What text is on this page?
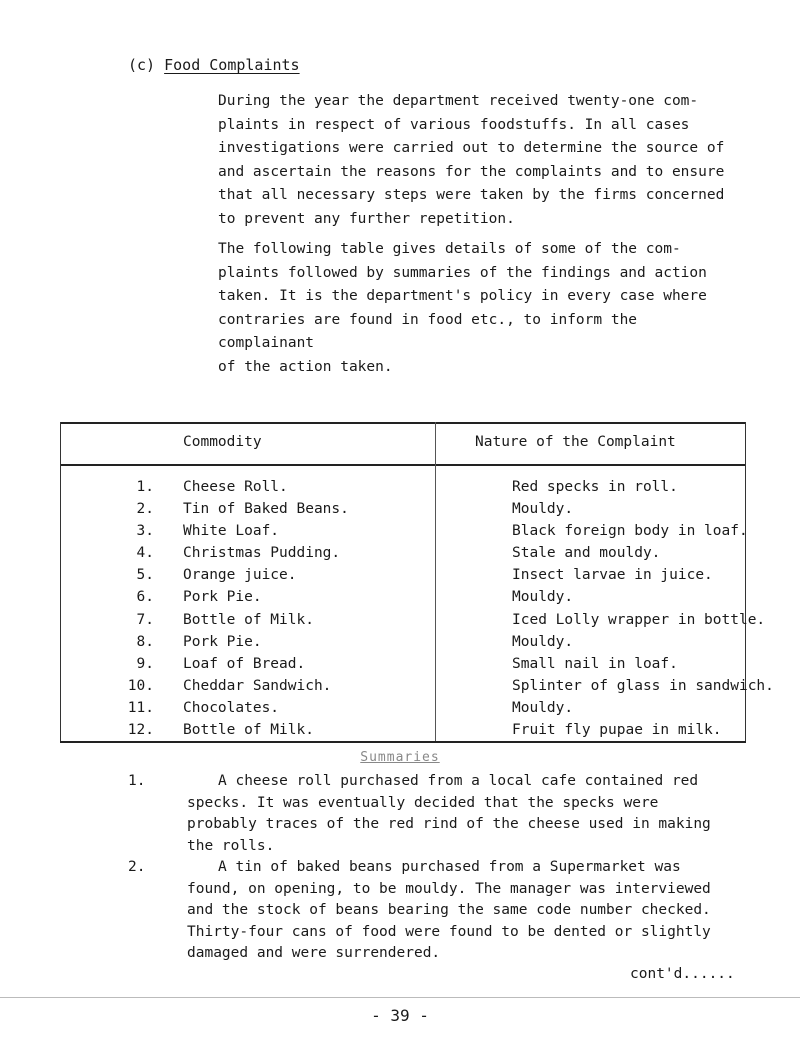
(c) Food Complaints
During the year the department received twenty-one com-
plaints in respect of various foodstuffs. In all cases
investigations were carried out to determine the source of
and ascertain the reasons for the complaints and to ensure
that all necessary steps were taken by the firms concerned
to prevent any further repetition.
The following table gives details of some of the com-
plaints followed by summaries of the findings and action
taken. It is the department's policy in every case where
contraries are found in food etc., to inform the complainant
of the action taken.
Commodity	Nature of the Complaint
1. Cheese Roll.	Red specks in roll.
2. Tin of Baked Beans.	Mouldy.
3. White Loaf.	Black foreign body in loaf.
4. Christmas Pudding.	Stale and mouldy.
5. Orange juice.	Insect larvae in juice.
6. Pork Pie.	Mouldy.
7. Bottle of Milk.	Iced Lolly wrapper in bottle.
8. Pork Pie.	Mouldy.
9. Loaf of Bread.	Small nail in loaf.
10. Cheddar Sandwich.	Splinter of glass in sandwich.
11. Chocolates.	Mouldy.
12. Bottle of Milk.	Fruit fly pupae in milk.
Summaries
1.	A cheese roll purchased from a local cafe contained red
specks. It was eventually decided that the specks were
probably traces of the red rind of the cheese used in making
the rolls.
2.	A tin of baked beans purchased from a Supermarket was
found, on opening, to be mouldy. The manager was interviewed
and the stock of beans bearing the same code number checked.
Thirty-four cans of food were found to be dented or slightly
damaged and were surrendered.
cont'd......
- 39 -
